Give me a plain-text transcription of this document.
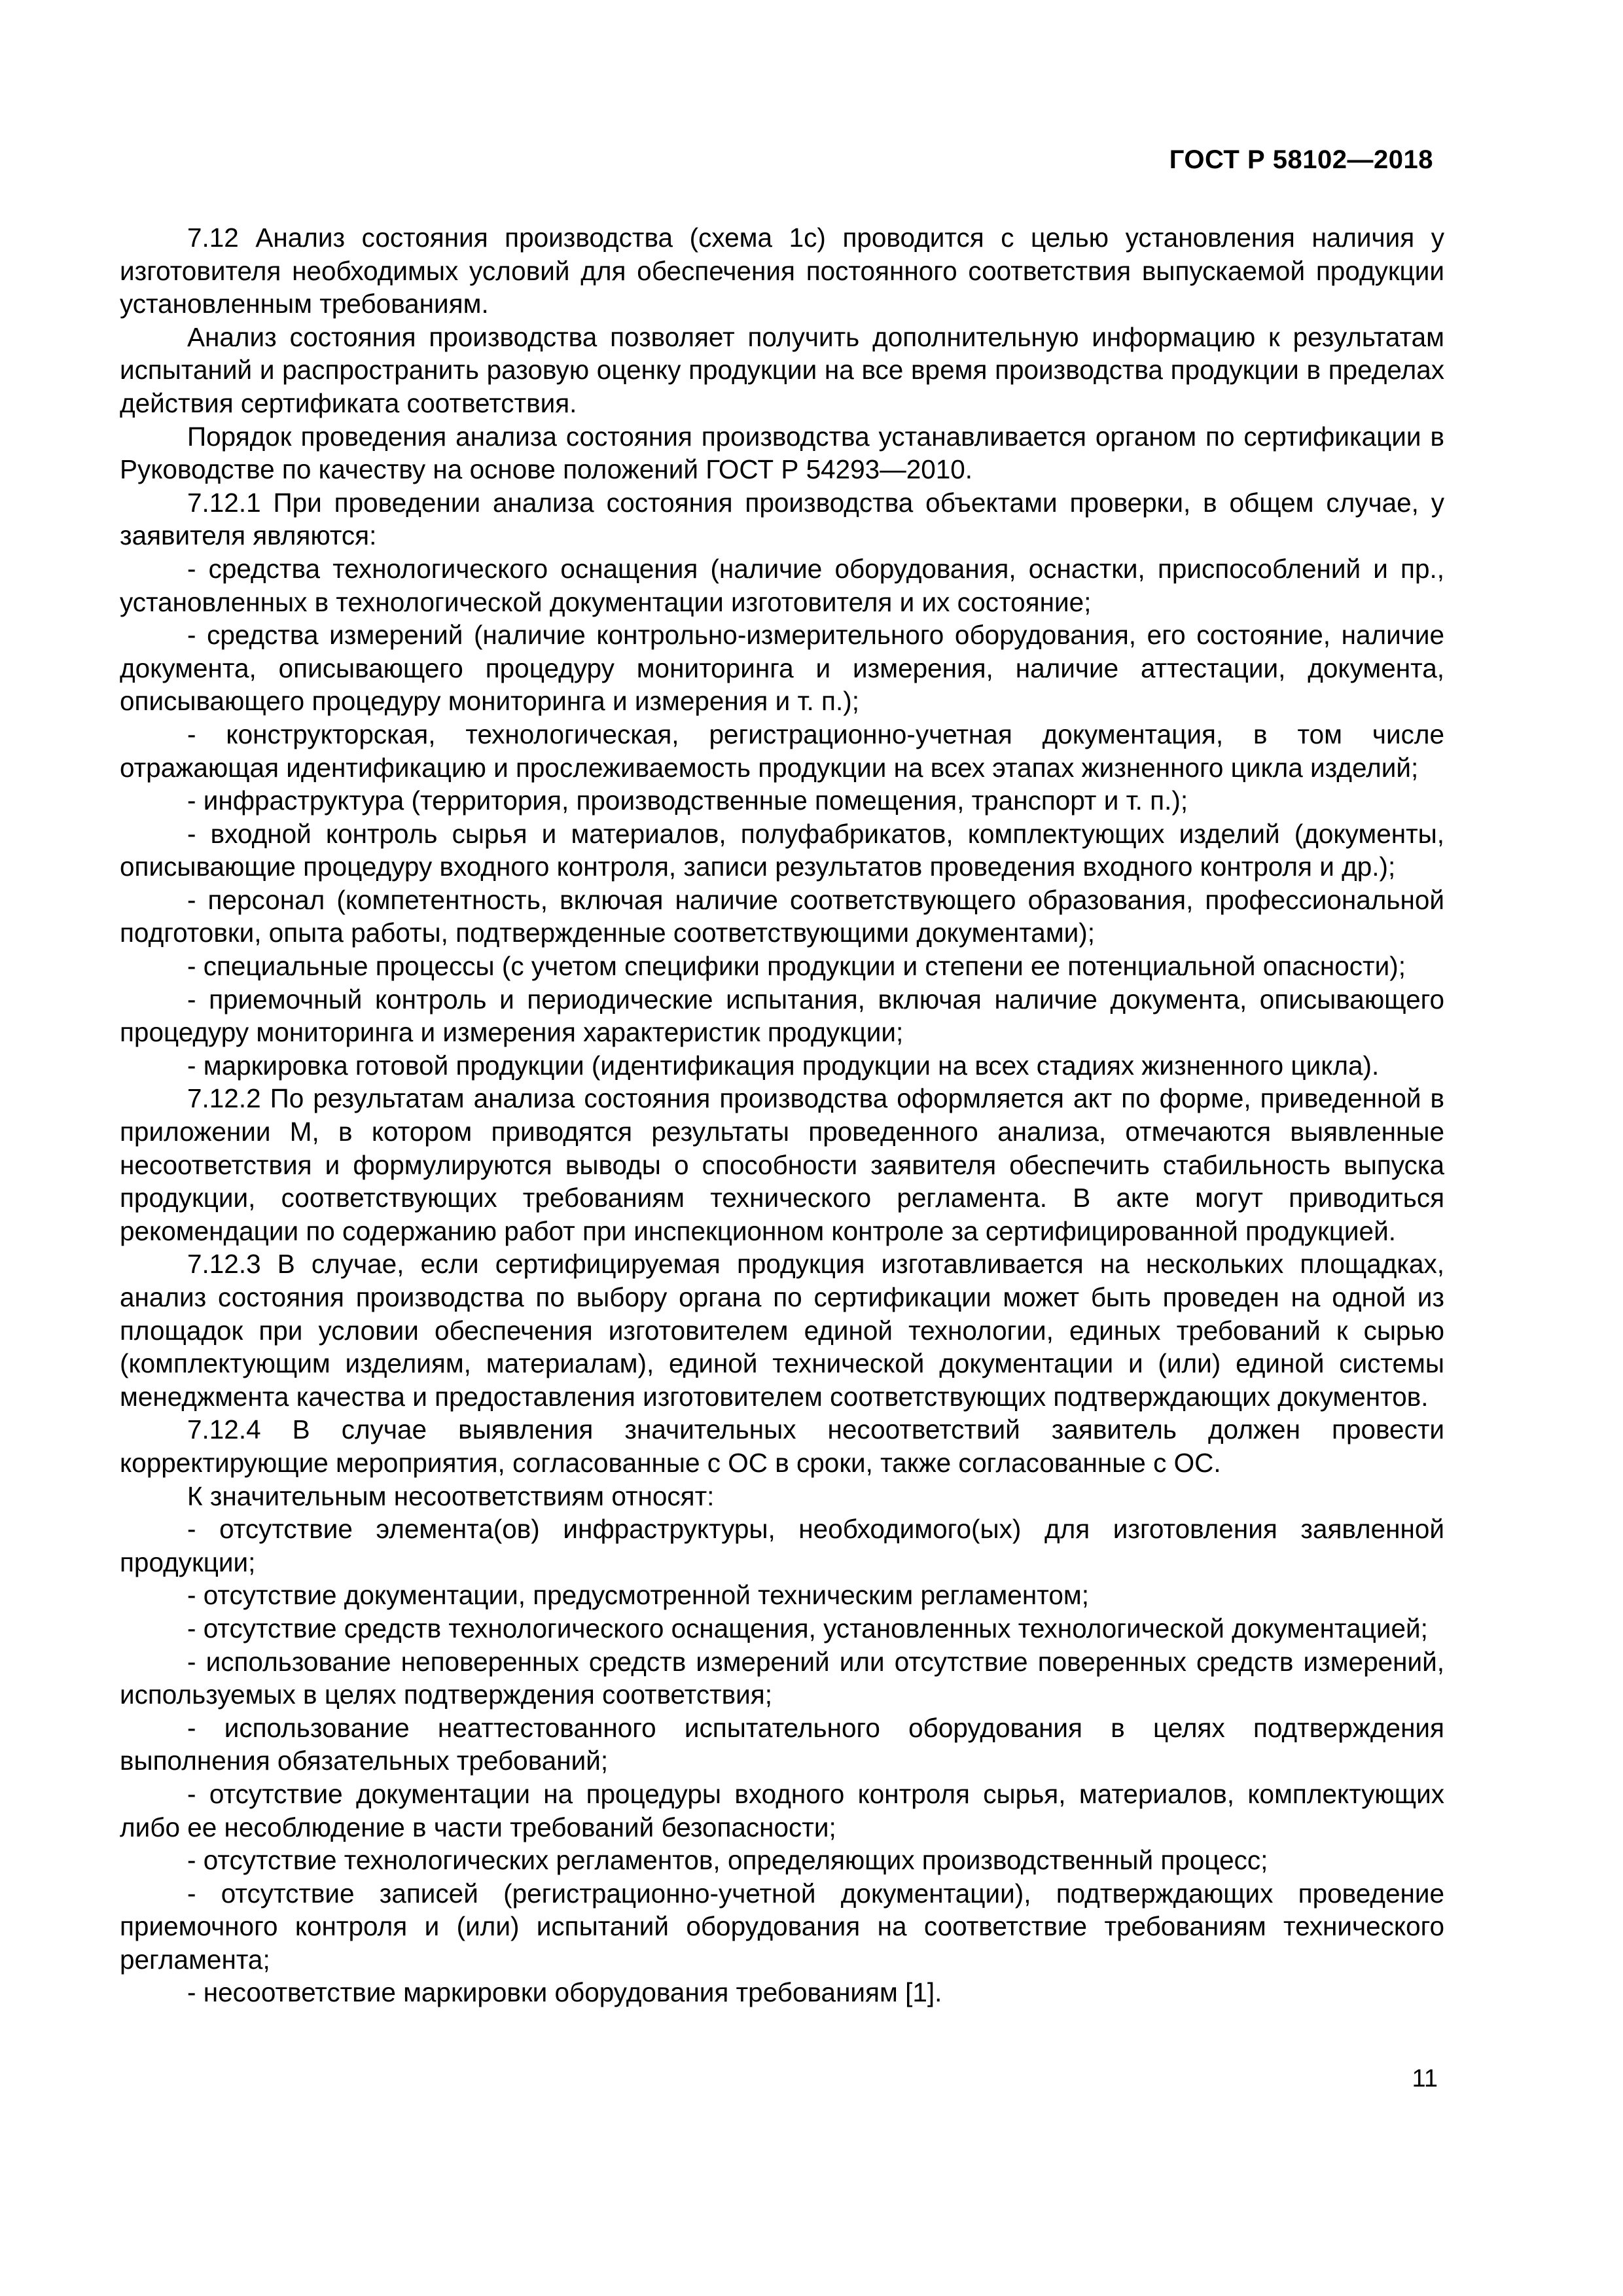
ГОСТ Р 58102—2018

7.12 Анализ состояния производства (схема 1с) проводится с целью установления наличия у изготовителя необходимых условий для обеспечения постоянного соответствия выпускаемой продукции установленным требованиям.

Анализ состояния производства позволяет получить дополнительную информацию к результатам испытаний и распространить разовую оценку продукции на все время производства продукции в пределах действия сертификата соответствия.

Порядок проведения анализа состояния производства устанавливается органом по сертификации в Руководстве по качеству на основе положений ГОСТ Р 54293—2010.

7.12.1 При проведении анализа состояния производства объектами проверки, в общем случае, у заявителя являются:

- средства технологического оснащения (наличие оборудования, оснастки, приспособлений и пр., установленных в технологической документации изготовителя и их состояние;

- средства измерений (наличие контрольно-измерительного оборудования, его состояние, наличие документа, описывающего процедуру мониторинга и измерения, наличие аттестации, документа, описывающего процедуру мониторинга и измерения и т. п.);

- конструкторская, технологическая, регистрационно-учетная документация, в том числе отражающая идентификацию и прослеживаемость продукции на всех этапах жизненного цикла изделий;

- инфраструктура (территория, производственные помещения, транспорт и т. п.);

- входной контроль сырья и материалов, полуфабрикатов, комплектующих изделий (документы, описывающие процедуру входного контроля, записи результатов проведения входного контроля и др.);

- персонал (компетентность, включая наличие соответствующего образования, профессиональной подготовки, опыта работы, подтвержденные соответствующими документами);

- специальные процессы (с учетом специфики продукции и степени ее потенциальной опасности);

- приемочный контроль и периодические испытания, включая наличие документа, описывающего процедуру мониторинга и измерения характеристик продукции;

- маркировка готовой продукции (идентификация продукции на всех стадиях жизненного цикла).

7.12.2 По результатам анализа состояния производства оформляется акт по форме, приведенной в приложении М, в котором приводятся результаты проведенного анализа, отмечаются выявленные несоответствия и формулируются выводы о способности заявителя обеспечить стабильность выпуска продукции, соответствующих требованиям технического регламента. В акте могут приводиться рекомендации по содержанию работ при инспекционном контроле за сертифицированной продукцией.

7.12.3 В случае, если сертифицируемая продукция изготавливается на нескольких площадках, анализ состояния производства по выбору органа по сертификации может быть проведен на одной из площадок при условии обеспечения изготовителем единой технологии, единых требований к сырью (комплектующим изделиям, материалам), единой технической документации и (или) единой системы менеджмента качества и предоставления изготовителем соответствующих подтверждающих документов.

7.12.4 В случае выявления значительных несоответствий заявитель должен провести корректирующие мероприятия, согласованные с ОС в сроки, также согласованные с ОС.

К значительным несоответствиям относят:

- отсутствие элемента(ов) инфраструктуры, необходимого(ых) для изготовления заявленной продукции;

- отсутствие документации, предусмотренной техническим регламентом;

- отсутствие средств технологического оснащения, установленных технологической документацией;

- использование неповеренных средств измерений или отсутствие поверенных средств измерений, используемых в целях подтверждения соответствия;

- использование неаттестованного испытательного оборудования в целях подтверждения выполнения обязательных требований;

- отсутствие документации на процедуры входного контроля сырья, материалов, комплектующих либо ее несоблюдение в части требований безопасности;

- отсутствие технологических регламентов, определяющих производственный процесс;

- отсутствие записей (регистрационно-учетной документации), подтверждающих проведение приемочного контроля и (или) испытаний оборудования на соответствие требованиям технического регламента;

- несоответствие маркировки оборудования требованиям [1].

11
